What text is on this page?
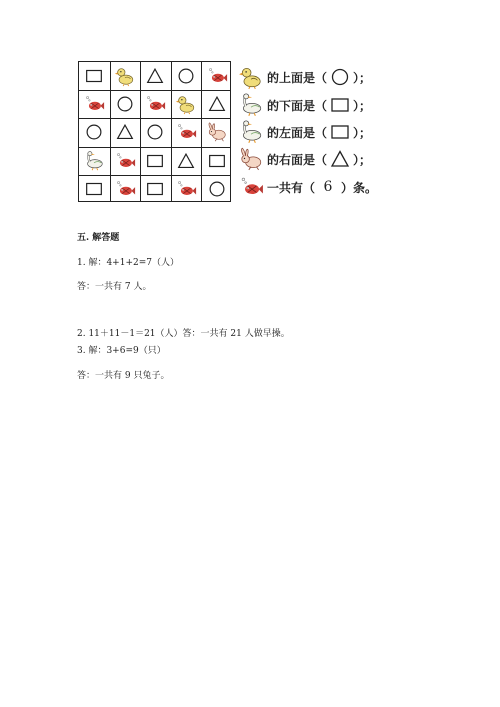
的上面是（ ）；
的下面是（ ）；
的左面是（ ）；
的右面是（ ）；
一共有（ 6 ）条。
五. 解答题
1. 解：4+1+2=7（人）
答：一共有 7 人。
2. 11＋11－1＝21（人）答：一共有 21 人做早操。
3. 解：3+6=9（只）
答：一共有 9 只兔子。
